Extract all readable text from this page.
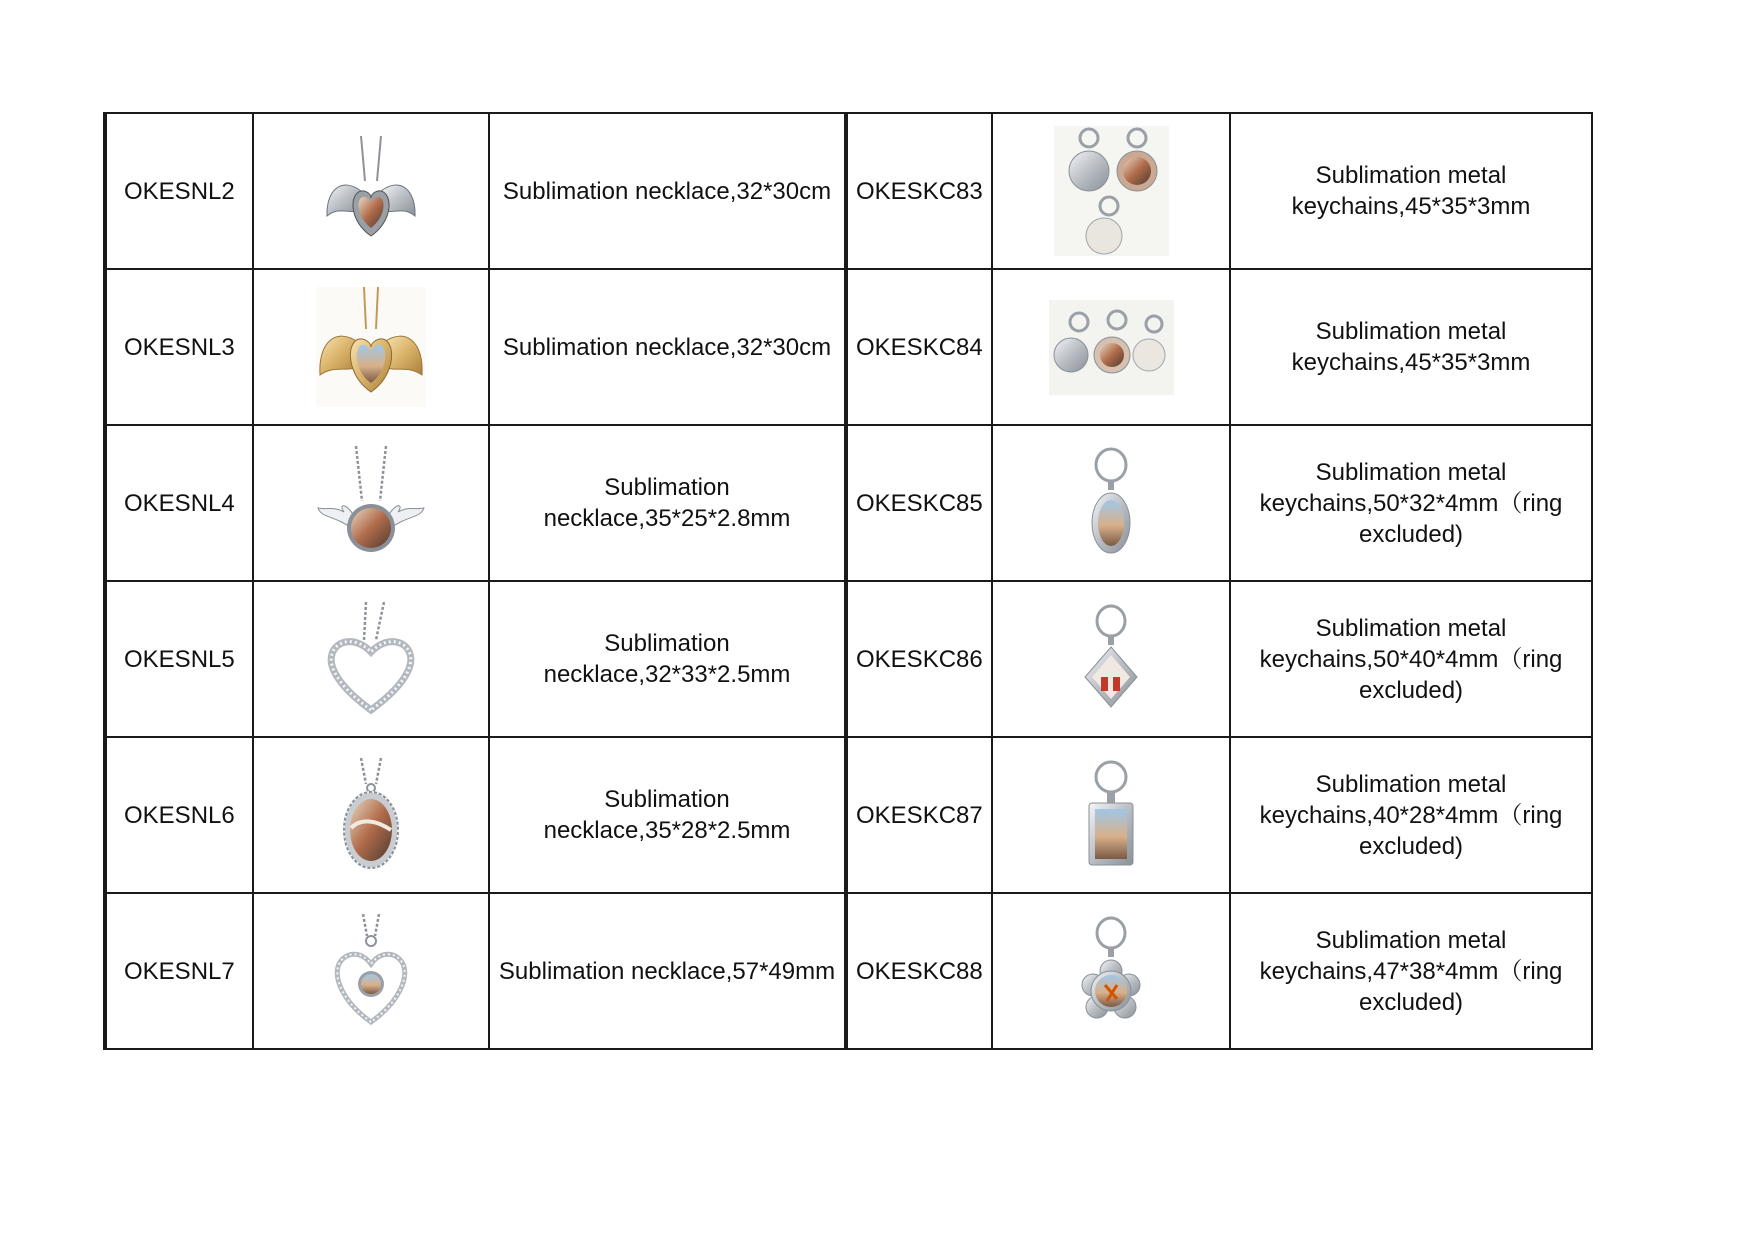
OKESNL2		Sublimation necklace,32*30cm	OKESKC83		Sublimation metal keychains,45*35*3mm
OKESNL3		Sublimation necklace,32*30cm	OKESKC84		Sublimation metal keychains,45*35*3mm
OKESNL4		Sublimation necklace,35*25*2.8mm	OKESKC85		Sublimation metal keychains,50*32*4mm（ring excluded)
OKESNL5		Sublimation necklace,32*33*2.5mm	OKESKC86		Sublimation metal keychains,50*40*4mm（ring excluded)
OKESNL6		Sublimation necklace,35*28*2.5mm	OKESKC87		Sublimation metal keychains,40*28*4mm（ring excluded)
OKESNL7		Sublimation necklace,57*49mm	OKESKC88		Sublimation metal keychains,47*38*4mm（ring excluded)
